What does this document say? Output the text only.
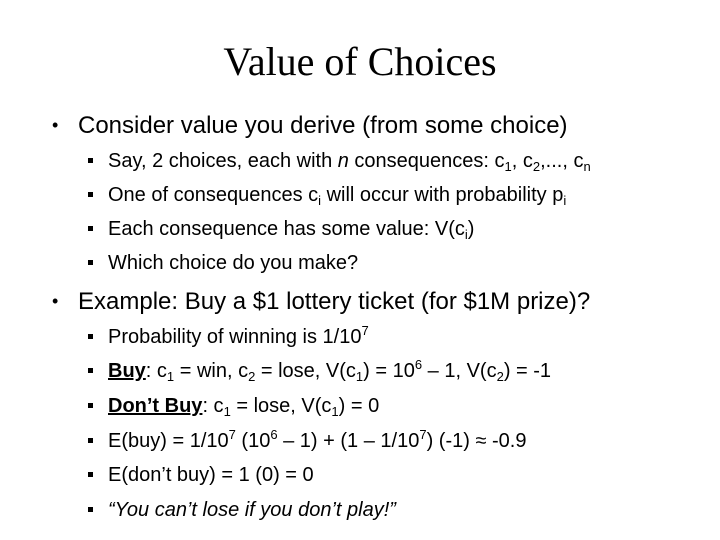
Value of Choices
• Consider value you derive (from some choice)
Say, 2 choices, each with n consequences: $c_1$, $c_2$,..., $c_n$
One of consequences $c_i$ will occur with probability $p_i$
Each consequence has some value: $V(c_i)$
Which choice do you make?
• Example: Buy a $1 lottery ticket (for $1M prize)?
Probability of winning is $1/10^7$
Buy: $c_1$ = win, $c_2$ = lose, $V(c_1) = 10^6 - 1$, $V(c_2) = -1$
Don’t Buy: $c_1$ = lose, $V(c_1) = 0$
$E(buy) = 1/10^7$ $(10^6 - 1) + (1 - 1/10^7) (-1) \approx -0.9$
E(don’t buy) = 1 (0) = 0
“You can’t lose if you don’t play!”
